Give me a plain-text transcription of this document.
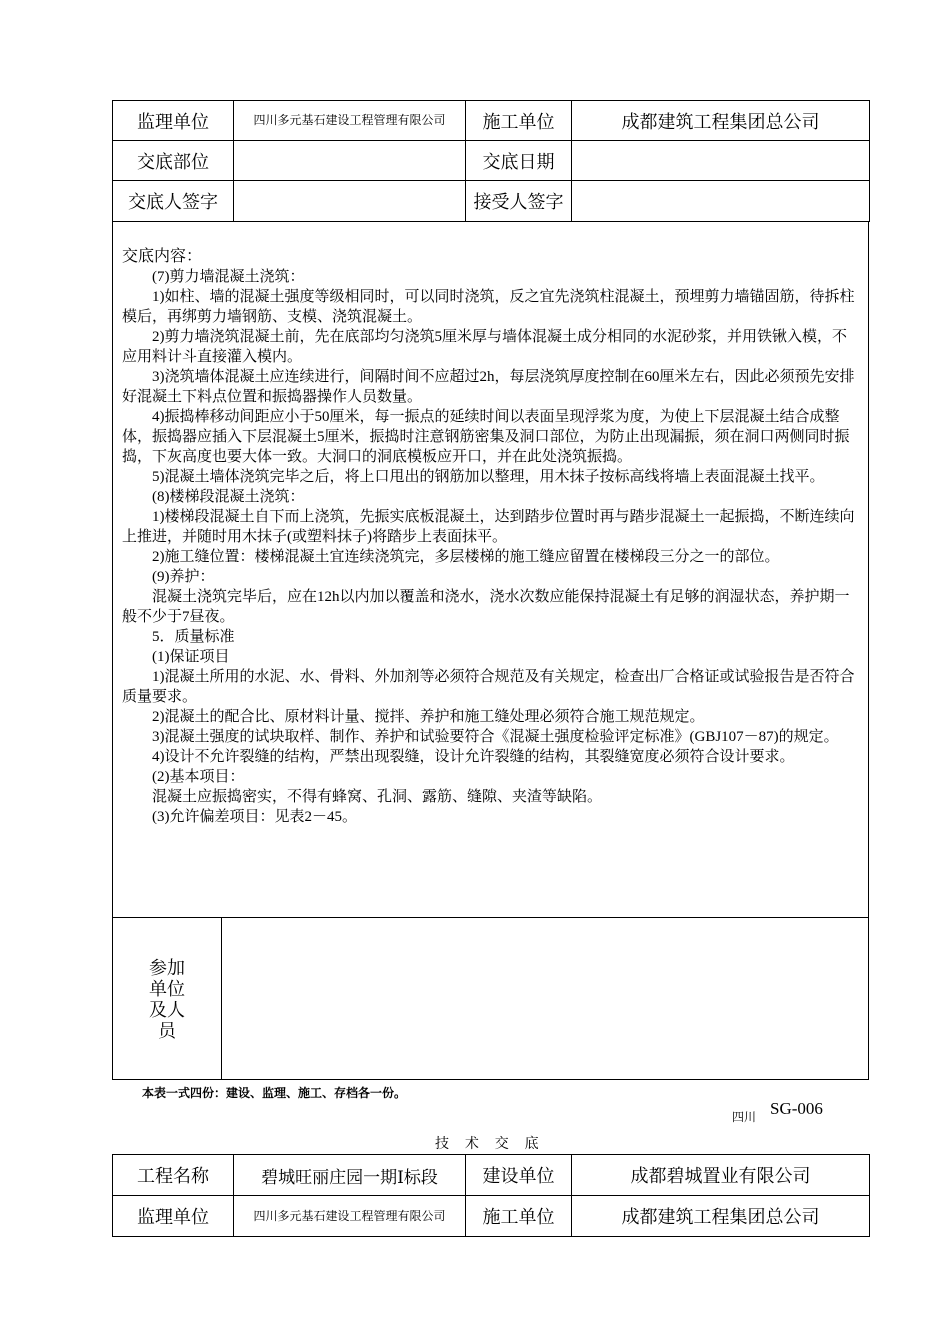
监理单位	四川多元基石建设工程管理有限公司	施工单位	成都建筑工程集团总公司
交底部位		交底日期	
交底人签字		接受人签字	

交底内容：

(7)剪力墙混凝土浇筑：

1)如柱、墙的混凝土强度等级相同时，可以同时浇筑，反之宜先浇筑柱混凝土，预埋剪力墙锚固筋，待拆柱模后，再绑剪力墙钢筋、支模、浇筑混凝土。

2)剪力墙浇筑混凝土前，先在底部均匀浇筑5厘米厚与墙体混凝土成分相同的水泥砂浆，并用铁锹入模，不应用料计斗直接灌入模内。

3)浇筑墙体混凝土应连续进行，间隔时间不应超过2h，每层浇筑厚度控制在60厘米左右，因此必须预先安排好混凝土下料点位置和振捣器操作人员数量。

4)振捣棒移动间距应小于50厘米，每一振点的延续时间以表面呈现浮浆为度，为使上下层混凝土结合成整体，振捣器应插入下层混凝土5厘米，振捣时注意钢筋密集及洞口部位，为防止出现漏振，须在洞口两侧同时振捣，下灰高度也要大体一致。大洞口的洞底模板应开口，并在此处浇筑振捣。

5)混凝土墙体浇筑完毕之后，将上口甩出的钢筋加以整理，用木抹子按标高线将墙上表面混凝土找平。

(8)楼梯段混凝土浇筑：

1)楼梯段混凝土自下而上浇筑，先振实底板混凝土，达到踏步位置时再与踏步混凝土一起振捣，不断连续向上推进，并随时用木抹子(或塑料抹子)将踏步上表面抹平。

2)施工缝位置：楼梯混凝土宜连续浇筑完，多层楼梯的施工缝应留置在楼梯段三分之一的部位。

(9)养护：

混凝土浇筑完毕后，应在12h以内加以覆盖和浇水，浇水次数应能保持混凝土有足够的润湿状态，养护期一般不少于7昼夜。

5．质量标准

(1)保证项目

1)混凝土所用的水泥、水、骨料、外加剂等必须符合规范及有关规定，检查出厂合格证或试验报告是否符合质量要求。

2)混凝土的配合比、原材料计量、搅拌、养护和施工缝处理必须符合施工规范规定。

3)混凝土强度的试块取样、制作、养护和试验要符合《混凝土强度检验评定标准》(GBJ107－87)的规定。

4)设计不允许裂缝的结构，严禁出现裂缝，设计允许裂缝的结构，其裂缝宽度必须符合设计要求。

(2)基本项目：

混凝土应振捣密实，不得有蜂窝、孔洞、露筋、缝隙、夹渣等缺陷。

(3)允许偏差项目：见表2－45。

参加
单位
及人
员
本表一式四份：建设、监理、施工、存档各一份。
四川 SG-006
技 术 交 底
工程名称	碧城旺丽庄园一期Ⅰ标段	建设单位	成都碧城置业有限公司
监理单位	四川多元基石建设工程管理有限公司	施工单位	成都建筑工程集团总公司
